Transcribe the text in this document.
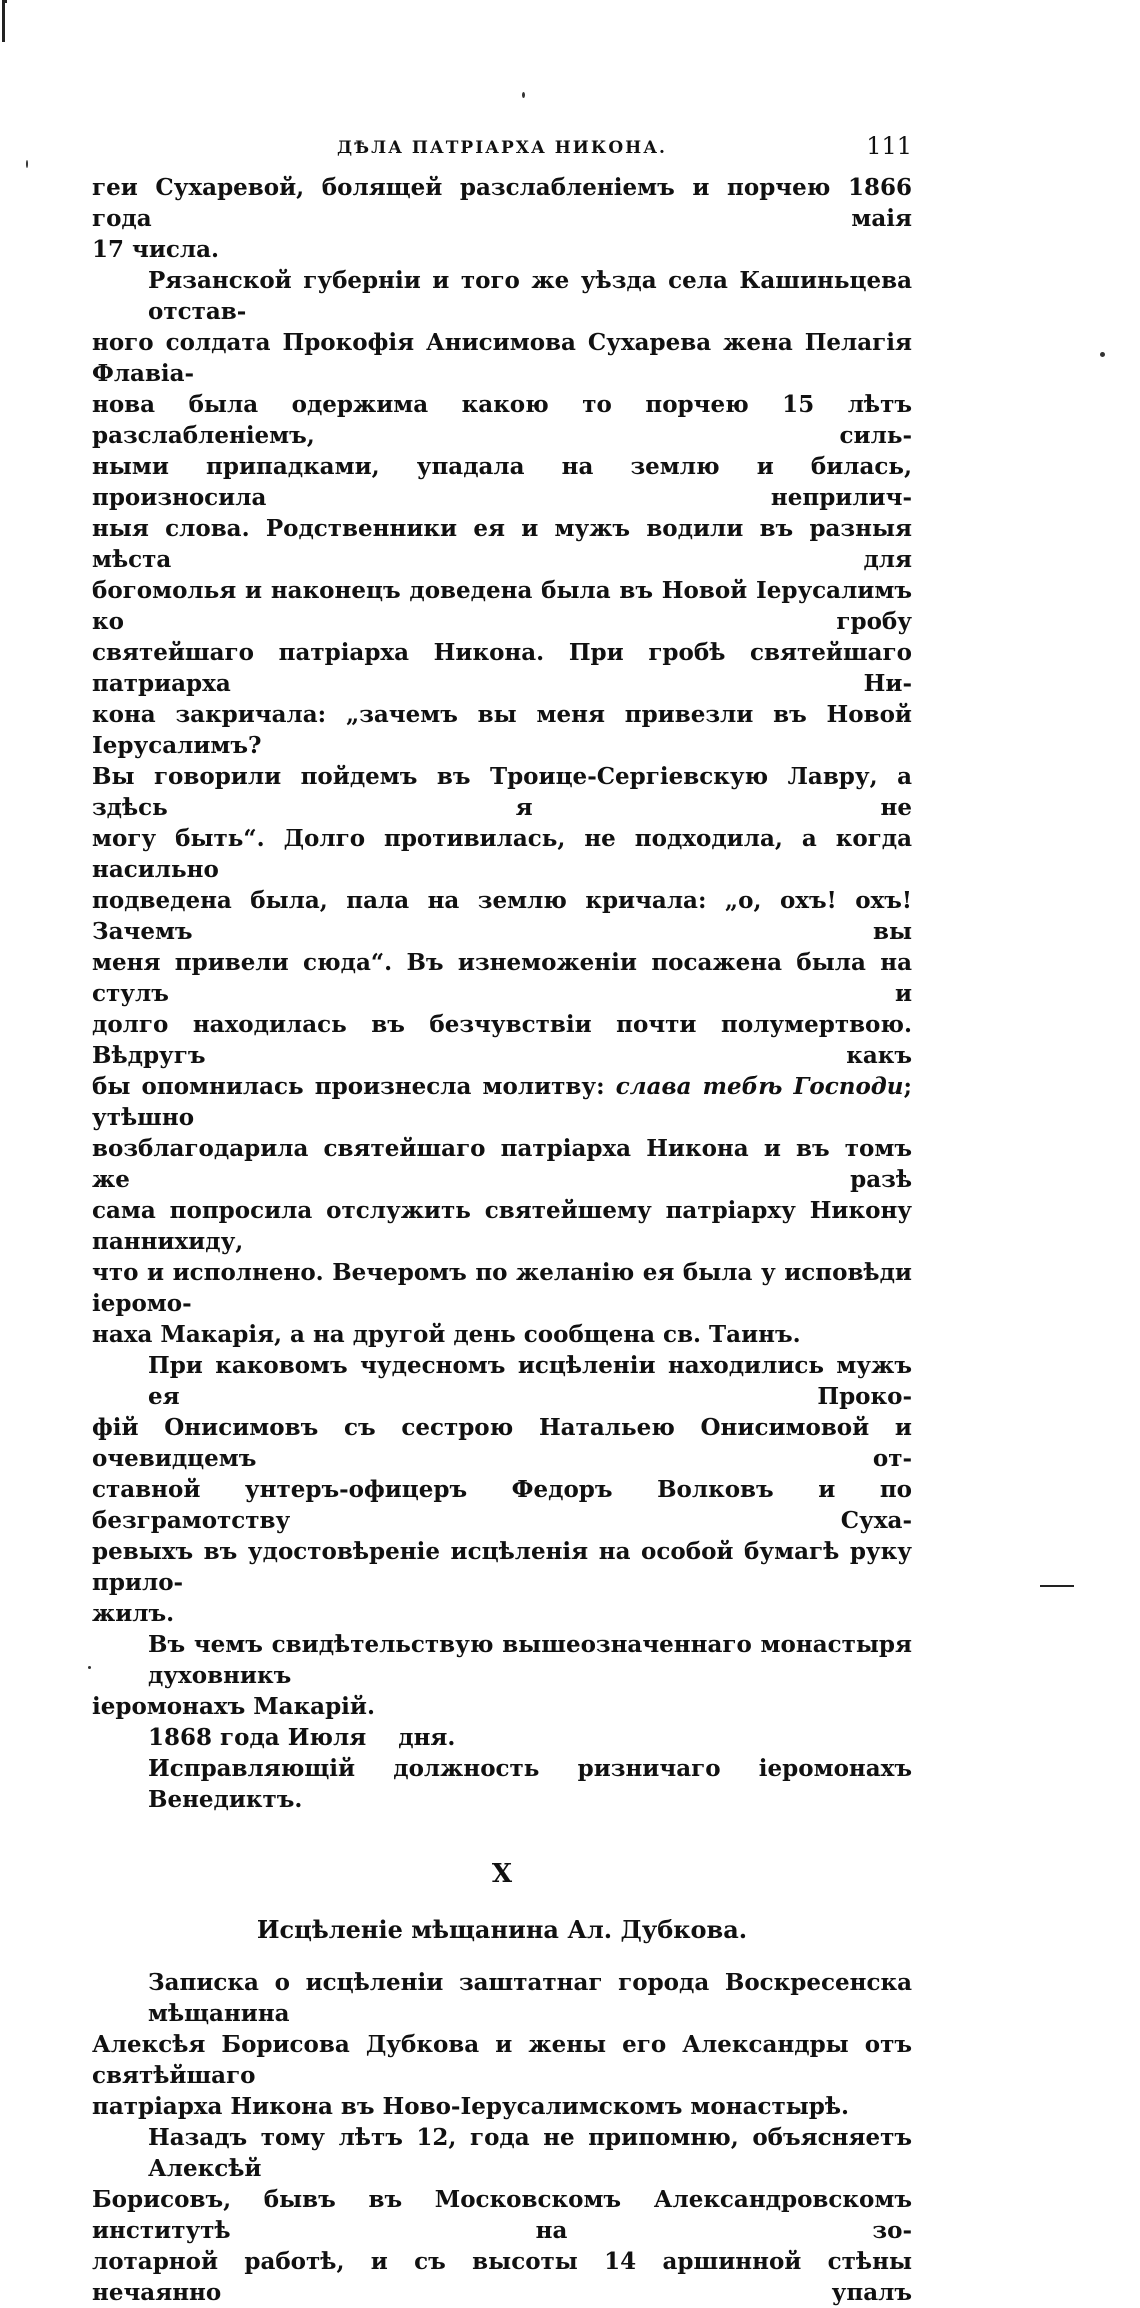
ДѢЛА ПАТРІАРХА НИКОНА.	111

геи Сухаревой, болящей разслабленіемъ и порчею 1866 года маія
17 числа.

Рязанской губерніи и того же уѣзда села Кашиньцева отстав-
ного солдата Прокофія Анисимова Сухарева жена Пелагія Флавіа-
нова была одержима какою то порчею 15 лѣтъ разслабленіемъ, силь-
ными припадками, упадала на землю и билась, произносила неприлич-
ныя слова. Родственники ея и мужъ водили въ разныя мѣста для
богомолья и наконецъ доведена была въ Новой Іерусалимъ ко гробу
святейшаго патріарха Никона. При гробѣ святейшаго патриарха Ни-
кона закричала: „зачемъ вы меня привезли въ Новой Іерусалимъ?
Вы говорили пойдемъ въ Троице-Сергіевскую Лавру, а здѣсь я не
могу быть“. Долго противилась, не подходила, а когда насильно
подведена была, пала на землю кричала: „о, охъ! охъ! Зачемъ вы
меня привели сюда“. Въ изнеможеніи посажена была на стулъ и
долго находилась въ безчувствіи почти полумертвою. Вѣдругъ какъ
бы опомнилась произнесла молитву: слава тебѣ Господи; утѣшно
возблагодарила святейшаго патріарха Никона и въ томъ же разѣ
сама попросила отслужить святейшему патріарху Никону паннихиду,
что и исполнено. Вечеромъ по желанію ея была у исповѣди іеромо-
наха Макарія, а на другой день сообщена св. Таинъ.

При каковомъ чудесномъ исцѣленіи находились мужъ ея Проко-
фій Онисимовъ съ сестрою Натальею Онисимовой и очевидцемъ от-
ставной унтеръ-офицеръ Федоръ Волковъ и по безграмотству Суха-
ревыхъ въ удостовѣреніе исцѣленія на особой бумагѣ руку прило-
жилъ.

Въ чемъ свидѣтельствую вышеозначеннаго монастыря духовникъ
іеромонахъ Макарій.

1868 года Июля    дня.

Исправляющій должность ризничаго іеромонахъ Венедиктъ.

X
Исцѣленіе мѣщанина Ал. Дубкова.

Записка о исцѣленіи заштатнаг города Воскресенска мѣщанина
Алексѣя Борисова Дубкова и жены его Александры отъ святѣйшаго
патріарха Никона въ Ново-Іерусалимскомъ монастырѣ.

Назадъ тому лѣтъ 12, года не припомню, объясняетъ Алексѣй
Борисовъ, бывъ въ Московскомъ Александровскомъ институтѣ на зо-
лотарной работѣ, и съ высоты 14 аршинной стѣны нечаянно упалъ
